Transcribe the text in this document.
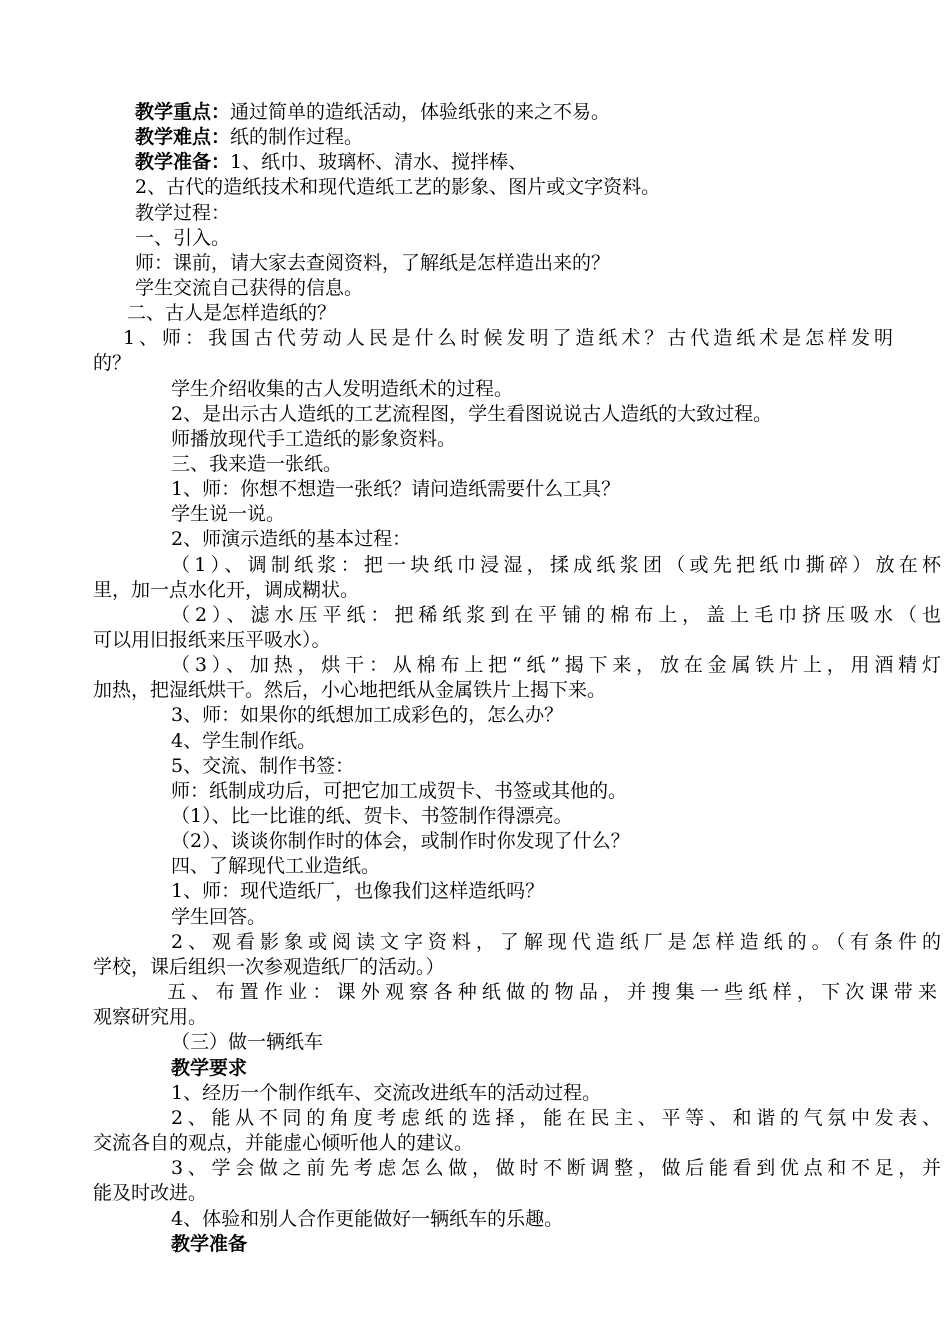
教学重点：通过简单的造纸活动，体验纸张的来之不易。
教学难点：纸的制作过程。
教学准备：1、纸巾、玻璃杯、清水、搅拌棒、
2、古代的造纸技术和现代造纸工艺的影象、图片或文字资料。
教学过程：
一、引入。
师：课前，请大家去查阅资料，了解纸是怎样造出来的？
学生交流自己获得的信息。
二、古人是怎样造纸的？
1、师：我国古代劳动人民是什么时候发明了造纸术？古代造纸术是怎样发明
的？
学生介绍收集的古人发明造纸术的过程。
2、是出示古人造纸的工艺流程图，学生看图说说古人造纸的大致过程。
师播放现代手工造纸的影象资料。
三、我来造一张纸。
1、师：你想不想造一张纸？请问造纸需要什么工具？
学生说一说。
2、师演示造纸的基本过程：
（1）、调制纸浆：把一块纸巾浸湿，揉成纸浆团（或先把纸巾撕碎）放在杯
里，加一点水化开，调成糊状。
（2）、滤水压平纸：把稀纸浆到在平铺的棉布上，盖上毛巾挤压吸水（也
可以用旧报纸来压平吸水）。
（3）、加热，烘干：从棉布上把“纸”揭下来，放在金属铁片上，用酒精灯
加热，把湿纸烘干。然后，小心地把纸从金属铁片上揭下来。
3、师：如果你的纸想加工成彩色的，怎么办？
4、学生制作纸。
5、交流、制作书签：
师：纸制成功后，可把它加工成贺卡、书签或其他的。
（1）、比一比谁的纸、贺卡、书签制作得漂亮。
（2）、谈谈你制作时的体会，或制作时你发现了什么？
四、了解现代工业造纸。
1、师：现代造纸厂，也像我们这样造纸吗？
学生回答。
2、观看影象或阅读文字资料，了解现代造纸厂是怎样造纸的。（有条件的
学校，课后组织一次参观造纸厂的活动。）
五、布置作业：课外观察各种纸做的物品，并搜集一些纸样，下次课带来
观察研究用。
（三）做一辆纸车
教学要求
1、经历一个制作纸车、交流改进纸车的活动过程。
2、能从不同的角度考虑纸的选择，能在民主、平等、和谐的气氛中发表、
交流各自的观点，并能虚心倾听他人的建议。
3、学会做之前先考虑怎么做，做时不断调整，做后能看到优点和不足，并
能及时改进。
4、体验和别人合作更能做好一辆纸车的乐趣。
教学准备
